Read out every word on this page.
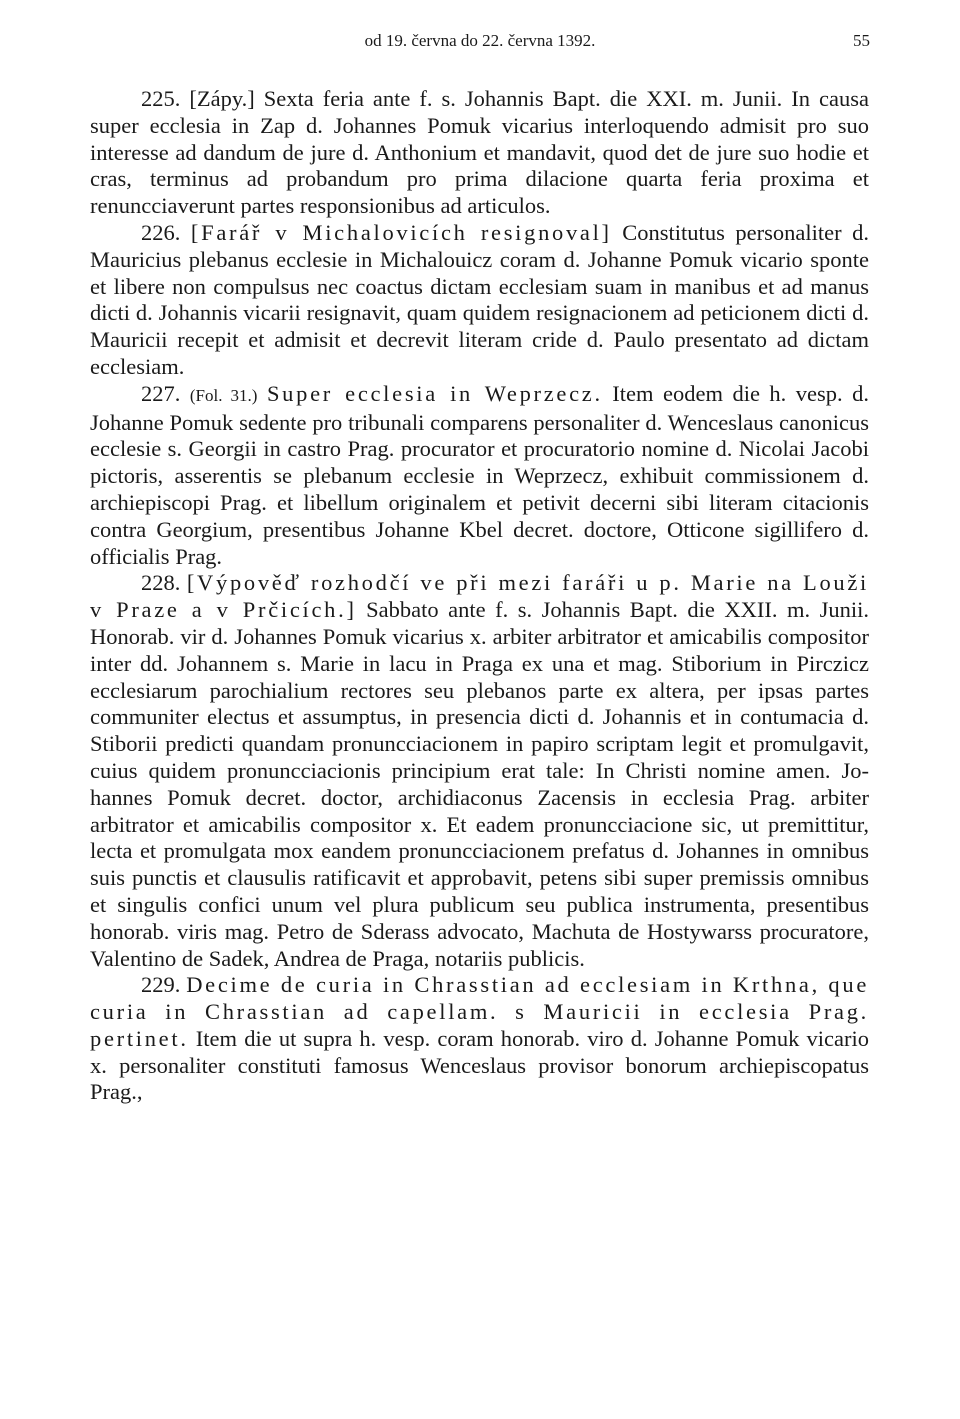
od 19. června do 22. června 1392.	55

225. [Zápy.] Sexta feria ante f. s. Johannis Bapt. die XXI. m. Junii. In causa super ecclesia in Zap d. Johannes Pomuk vicarius interloquendo admisit pro suo interesse ad dandum de jure d. Anthonium et mandavit, quod det de jure suo hodie et cras, terminus ad probandum pro prima dilacione quarta feria proxima et renuncciaverunt partes responsionibus ad articulos.

226. [Farář v Michalovicích resignoval] Constitutus personaliter d. Mauricius plebanus ecclesie in Michalouicz coram d. Johanne Pomuk vicario sponte et libere non compulsus nec coactus dictam ecclesiam suam in manibus et ad manus dicti d. Johannis vicarii resignavit, quam quidem resignacionem ad peticionem dicti d. Mauricii recepit et admisit et decrevit literam cride d. Paulo presentato ad dictam ecclesiam.

227. (Fol. 31.) Super ecclesia in Weprzecz. Item eodem die h. vesp. d. Johanne Pomuk sedente pro tribunali comparens personaliter d. Wenceslaus canonicus ecclesie s. Georgii in castro Prag. procurator et procuratorio nomine d. Nicolai Jacobi pictoris, asserentis se plebanum ecclesie in Weprzecz, exhibuit commissionem d. archiepiscopi Prag. et libellum originalem et petivit decerni sibi literam citacionis contra Georgium, presentibus Johanne Kbel decret. doctore, Otticone sigillifero d. officialis Prag.

228. [Výpověď rozhodčí ve při mezi faráři u p. Marie na Louži v Praze a v Prčicích.] Sabbato ante f. s. Johannis Bapt. die XXII. m. Junii. Honorab. vir d. Johannes Pomuk vicarius x. arbiter arbitrator et amicabilis compositor inter dd. Johannem s. Marie in lacu in Praga ex una et mag. Stiborium in Pirczicz ecclesiarum parochialium rectores seu plebanos parte ex altera, per ipsas partes communiter electus et assumptus, in presencia dicti d. Johannis et in contumacia d. Stiborii predicti quandam pronuncciacionem in papiro scriptam legit et promulgavit, cuius quidem pronuncciacionis principium erat tale: In Christi nomine amen. Johannes Pomuk decret. doctor, archidiaconus Zacensis in ecclesia Prag. arbiter arbitrator et amicabilis compositor x. Et eadem pronuncciacione sic, ut premittitur, lecta et promulgata mox eandem pronuncciacionem prefatus d. Johannes in omnibus suis punctis et clausulis ratificavit et approbavit, petens sibi super premissis omnibus et singulis confici unum vel plura publicum seu publica instrumenta, presentibus honorab. viris mag. Petro de Sderass advocato, Machuta de Hostywarss procuratore, Valentino de Sadek, Andrea de Praga, notariis publicis.

229. Decime de curia in Chrasstian ad ecclesiam in Krthna, que curia in Chrasstian ad capellam. s Mauricii in ecclesia Prag. pertinet. Item die ut supra h. vesp. coram honorab. viro d. Johanne Pomuk vicario x. personaliter constituti famosus Wenceslaus provisor bonorum archiepiscopatus Prag.,
